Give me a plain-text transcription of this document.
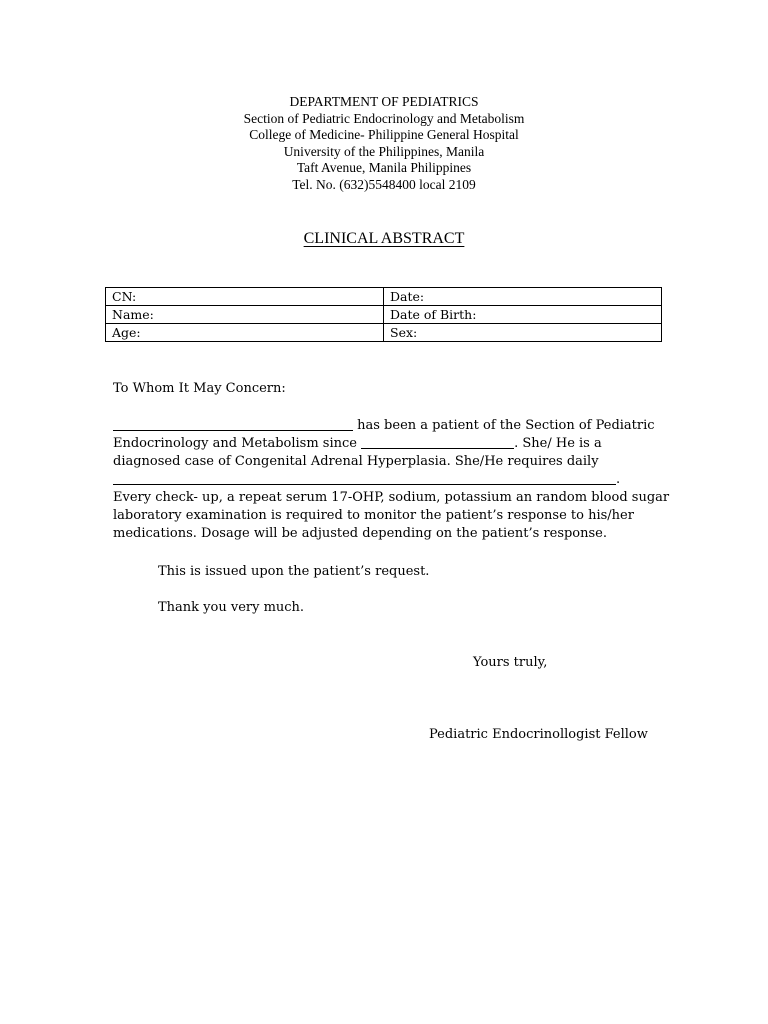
DEPARTMENT OF PEDIATRICS
Section of Pediatric Endocrinology and Metabolism
College of Medicine- Philippine General Hospital
University of the Philippines, Manila
Taft Avenue, Manila Philippines
Tel. No. (632)5548400 local 2109
CLINICAL ABSTRACT
CN:	Date:
Name:	Date of Birth:
Age:	Sex:
To Whom It May Concern:
has been a patient of the Section of Pediatric
Endocrinology and Metabolism since	. She/ He is a
diagnosed case of Congenital Adrenal Hyperplasia. She/He requires daily
.
Every check- up, a repeat serum 17-OHP, sodium, potassium an random blood sugar
laboratory examination is required to monitor the patient’s response to his/her
medications. Dosage will be adjusted depending on the patient’s response.
This is issued upon the patient’s request.
Thank you very much.
Yours truly,
Pediatric Endocrinollogist Fellow
